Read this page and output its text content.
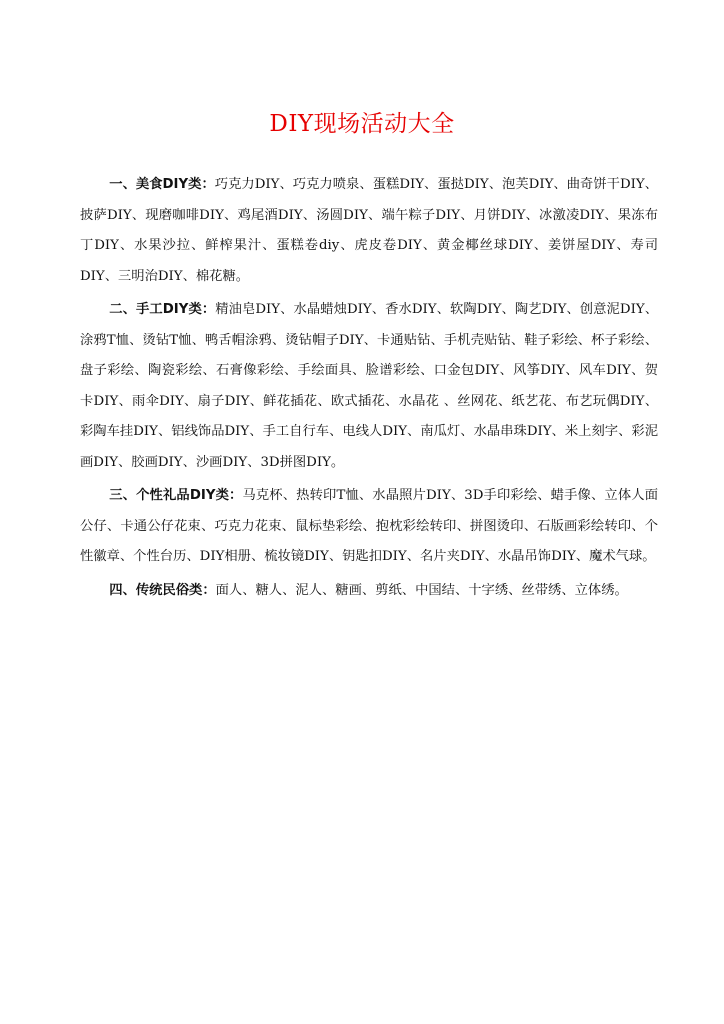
DIY现场活动大全

一、美食DIY类：巧克力DIY、巧克力喷泉、蛋糕DIY、蛋挞DIY、泡芙DIY、曲奇饼干DIY、披萨DIY、现磨咖啡DIY、鸡尾酒DIY、汤圆DIY、端午粽子DIY、月饼DIY、冰激凌DIY、果冻布丁DIY、水果沙拉、鲜榨果汁、蛋糕卷diy、虎皮卷DIY、黄金椰丝球DIY、姜饼屋DIY、寿司DIY、三明治DIY、棉花糖。

二、手工DIY类：精油皂DIY、水晶蜡烛DIY、香水DIY、软陶DIY、陶艺DIY、创意泥DIY、涂鸦T恤、烫钻T恤、鸭舌帽涂鸦、烫钻帽子DIY、卡通贴钻、手机壳贴钻、鞋子彩绘、杯子彩绘、盘子彩绘、陶瓷彩绘、石膏像彩绘、手绘面具、脸谱彩绘、口金包DIY、风筝DIY、风车DIY、贺卡DIY、雨伞DIY、扇子DIY、鲜花插花、欧式插花、水晶花 、丝网花、纸艺花、布艺玩偶DIY、彩陶车挂DIY、铝线饰品DIY、手工自行车、电线人DIY、南瓜灯、水晶串珠DIY、米上刻字、彩泥画DIY、胶画DIY、沙画DIY、3D拼图DIY。

三、个性礼品DIY类：马克杯、热转印T恤、水晶照片DIY、3D手印彩绘、蜡手像、立体人面公仔、卡通公仔花束、巧克力花束、鼠标垫彩绘、抱枕彩绘转印、拼图烫印、石版画彩绘转印、个性徽章、个性台历、DIY相册、梳妆镜DIY、钥匙扣DIY、名片夹DIY、水晶吊饰DIY、魔术气球。

四、传统民俗类：面人、糖人、泥人、糖画、剪纸、中国结、十字绣、丝带绣、立体绣。
